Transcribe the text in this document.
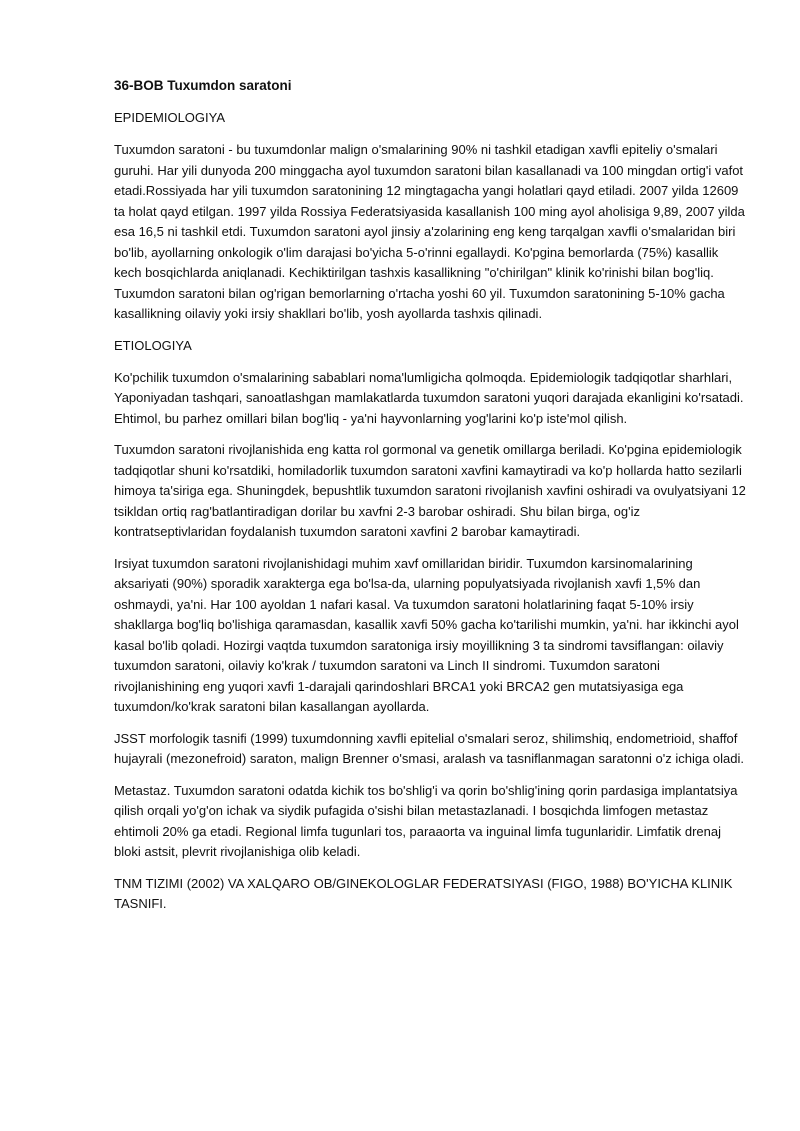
36-BOB Tuxumdon saratoni
EPIDEMIOLOGIYA

Tuxumdon saratoni - bu tuxumdonlar malign o'smalarining 90% ni tashkil etadigan xavfli epiteliy o'smalari guruhi. Har yili dunyoda 200 minggacha ayol tuxumdon saratoni bilan kasallanadi va 100 mingdan ortig'i vafot etadi.Rossiyada har yili tuxumdon saratonining 12 mingtagacha yangi holatlari qayd etiladi. 2007 yilda 12609 ta holat qayd etilgan. 1997 yilda Rossiya Federatsiyasida kasallanish 100 ming ayol aholisiga 9,89, 2007 yilda esa 16,5 ni tashkil etdi. Tuxumdon saratoni ayol jinsiy a'zolarining eng keng tarqalgan xavfli o'smalaridan biri bo'lib, ayollarning onkologik o'lim darajasi bo'yicha 5-o'rinni egallaydi. Ko'pgina bemorlarda (75%) kasallik kech bosqichlarda aniqlanadi. Kechiktirilgan tashxis kasallikning "o'chirilgan" klinik ko'rinishi bilan bog'liq. Tuxumdon saratoni bilan og'rigan bemorlarning o'rtacha yoshi 60 yil. Tuxumdon saratonining 5-10% gacha kasallikning oilaviy yoki irsiy shakllari bo'lib, yosh ayollarda tashxis qilinadi.

ETIOLOGIYA

Ko'pchilik tuxumdon o'smalarining sabablari noma'lumligicha qolmoqda. Epidemiologik tadqiqotlar sharhlari, Yaponiyadan tashqari, sanoatlashgan mamlakatlarda tuxumdon saratoni yuqori darajada ekanligini ko'rsatadi. Ehtimol, bu parhez omillari bilan bog'liq - ya'ni hayvonlarning yog'larini ko'p iste'mol qilish.

Tuxumdon saratoni rivojlanishida eng katta rol gormonal va genetik omillarga beriladi. Ko'pgina epidemiologik tadqiqotlar shuni ko'rsatdiki, homiladorlik tuxumdon saratoni xavfini kamaytiradi va ko'p hollarda hatto sezilarli himoya ta'siriga ega. Shuningdek, bepushtlik tuxumdon saratoni rivojlanish xavfini oshiradi va ovulyatsiyani 12 tsikldan ortiq rag'batlantiradigan dorilar bu xavfni 2-3 barobar oshiradi. Shu bilan birga, og'iz kontratseptivlaridan foydalanish tuxumdon saratoni xavfini 2 barobar kamaytiradi.

Irsiyat tuxumdon saratoni rivojlanishidagi muhim xavf omillaridan biridir. Tuxumdon karsinomalarining aksariyati (90%) sporadik xarakterga ega bo'lsa-da, ularning populyatsiyada rivojlanish xavfi 1,5% dan oshmaydi, ya'ni. Har 100 ayoldan 1 nafari kasal. Va tuxumdon saratoni holatlarining faqat 5-10% irsiy shakllarga bog'liq bo'lishiga qaramasdan, kasallik xavfi 50% gacha ko'tarilishi mumkin, ya'ni. har ikkinchi ayol kasal bo'lib qoladi. Hozirgi vaqtda tuxumdon saratoniga irsiy moyillikning 3 ta sindromi tavsiflangan: oilaviy tuxumdon saratoni, oilaviy ko'krak / tuxumdon saratoni va Linch II sindromi. Tuxumdon saratoni rivojlanishining eng yuqori xavfi 1-darajali qarindoshlari BRCA1 yoki BRCA2 gen mutatsiyasiga ega tuxumdon/ko'krak saratoni bilan kasallangan ayollarda.

JSST morfologik tasnifi (1999) tuxumdonning xavfli epitelial o'smalari seroz, shilimshiq, endometrioid, shaffof hujayrali (mezonefroid) saraton, malign Brenner o'smasi, aralash va tasniflanmagan saratonni o'z ichiga oladi.

Metastaz. Tuxumdon saratoni odatda kichik tos bo'shlig'i va qorin bo'shlig'ining qorin pardasiga implantatsiya qilish orqali yo'g'on ichak va siydik pufagida o'sishi bilan metastazlanadi. I bosqichda limfogen metastaz ehtimoli 20% ga etadi. Regional limfa tugunlari tos, paraaorta va inguinal limfa tugunlaridir. Limfatik drenaj bloki astsit, plevrit rivojlanishiga olib keladi.

TNM TIZIMI (2002) VA XALQARO OB/GINEKOLOGLAR FEDERATSIYASI (FIGO, 1988) BO'YICHA KLINIK TASNIFI.
